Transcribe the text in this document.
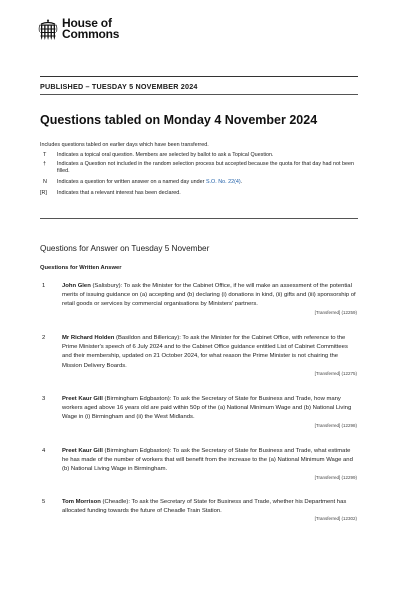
House of
Commons
PUBLISHED – TUESDAY 5 NOVEMBER 2024
Questions tabled on Monday 4 November 2024
Includes questions tabled on earlier days which have been transferred.
T	Indicates a topical oral question. Members are selected by ballot to ask a Topical Question.
†	Indicates a Question not included in the random selection process but accepted because the quota for that day had not been filled.
N	Indicates a question for written answer on a named day under S.O. No. 22(4).
[R]	Indicates that a relevant interest has been declared.
Questions for Answer on Tuesday 5 November
Questions for Written Answer
1	John Glen (Salisbury): To ask the Minister for the Cabinet Office, if he will make an assessment of the potential merits of issuing guidance on (a) accepting and (b) declaring (i) donations in kind, (ii) gifts and (iii) sponsorship of retail goods or services by commercial organisations by Ministers' partners.
[Transferred] (12259)
2	Mr Richard Holden (Basildon and Billericay): To ask the Minister for the Cabinet Office, with reference to the Prime Minister's speech of 6 July 2024 and to the Cabinet Office guidance entitled List of Cabinet Committees and their membership, updated on 21 October 2024, for what reason the Prime Minister is not chairing the Mission Delivery Boards.
[Transferred] (12275)
3	Preet Kaur Gill (Birmingham Edgbaston): To ask the Secretary of State for Business and Trade, how many workers aged above 16 years old are paid within 50p of the (a) National Minimum Wage and (b) National Living Wage in (i) Birmingham and (ii) the West Midlands.
[Transferred] (12298)
4	Preet Kaur Gill (Birmingham Edgbaston): To ask the Secretary of State for Business and Trade, what estimate he has made of the number of workers that will benefit from the increase to the (a) National Minimum Wage and (b) National Living Wage in Birmingham.
[Transferred] (12299)
5	Tom Morrison (Cheadle): To ask the Secretary of State for Business and Trade, whether his Department has allocated funding towards the future of Cheadle Train Station.
[Transferred] (12302)
